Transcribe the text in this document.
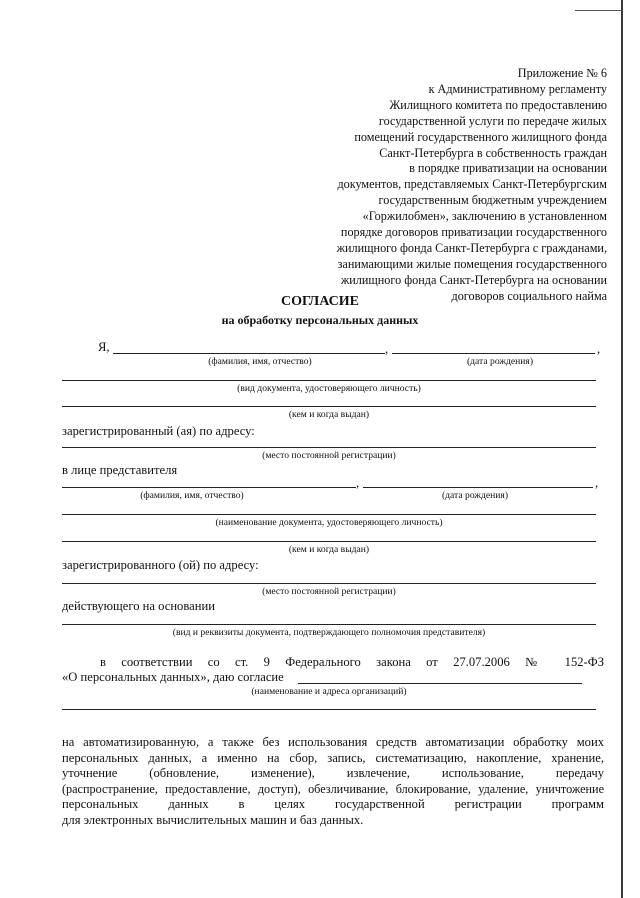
Приложение № 6
к Административному регламенту
Жилищного комитета по предоставлению
государственной услуги по передаче жилых
помещений государственного жилищного фонда
Санкт-Петербурга в собственность граждан
в порядке приватизации на основании
документов, представляемых Санкт-Петербургским
государственным бюджетным учреждением
«Горжилобмен», заключению в установленном
порядке договоров приватизации государственного
жилищного фонда Санкт-Петербурга с гражданами,
занимающими жилые помещения государственного
жилищного фонда Санкт-Петербурга на основании
договоров социального найма
СОГЛАСИЕ
на обработку персональных данных
Я,	,	,
(фамилия, имя, отчество)	(дата рождения)
(вид документа, удостоверяющего личность)
(кем и когда выдан)
зарегистрированный (ая) по адресу:
(место постоянной регистрации)
в лице представителя
,	,
(фамилия, имя, отчество)	(дата рождения)
(наименование документа, удостоверяющего личность)
(кем и когда выдан)
зарегистрированного (ой) по адресу:
(место постоянной регистрации)
действующего на основании
(вид и реквизиты документа, подтверждающего полномочия представителя)
в соответствии со ст. 9 Федерального закона от 27.07.2006 № 152-ФЗ
«О персональных данных», даю согласие
(наименование и адреса организаций)
на автоматизированную, а также без использования средств автоматизации обработку моих
персональных данных, а именно на сбор, запись, систематизацию, накопление, хранение,
уточнение (обновление, изменение), извлечение, использование, передачу
(распространение, предоставление, доступ), обезличивание, блокирование, удаление, уничтожение
персональных данных в целях государственной регистрации программ
для электронных вычислительных машин и баз данных.
